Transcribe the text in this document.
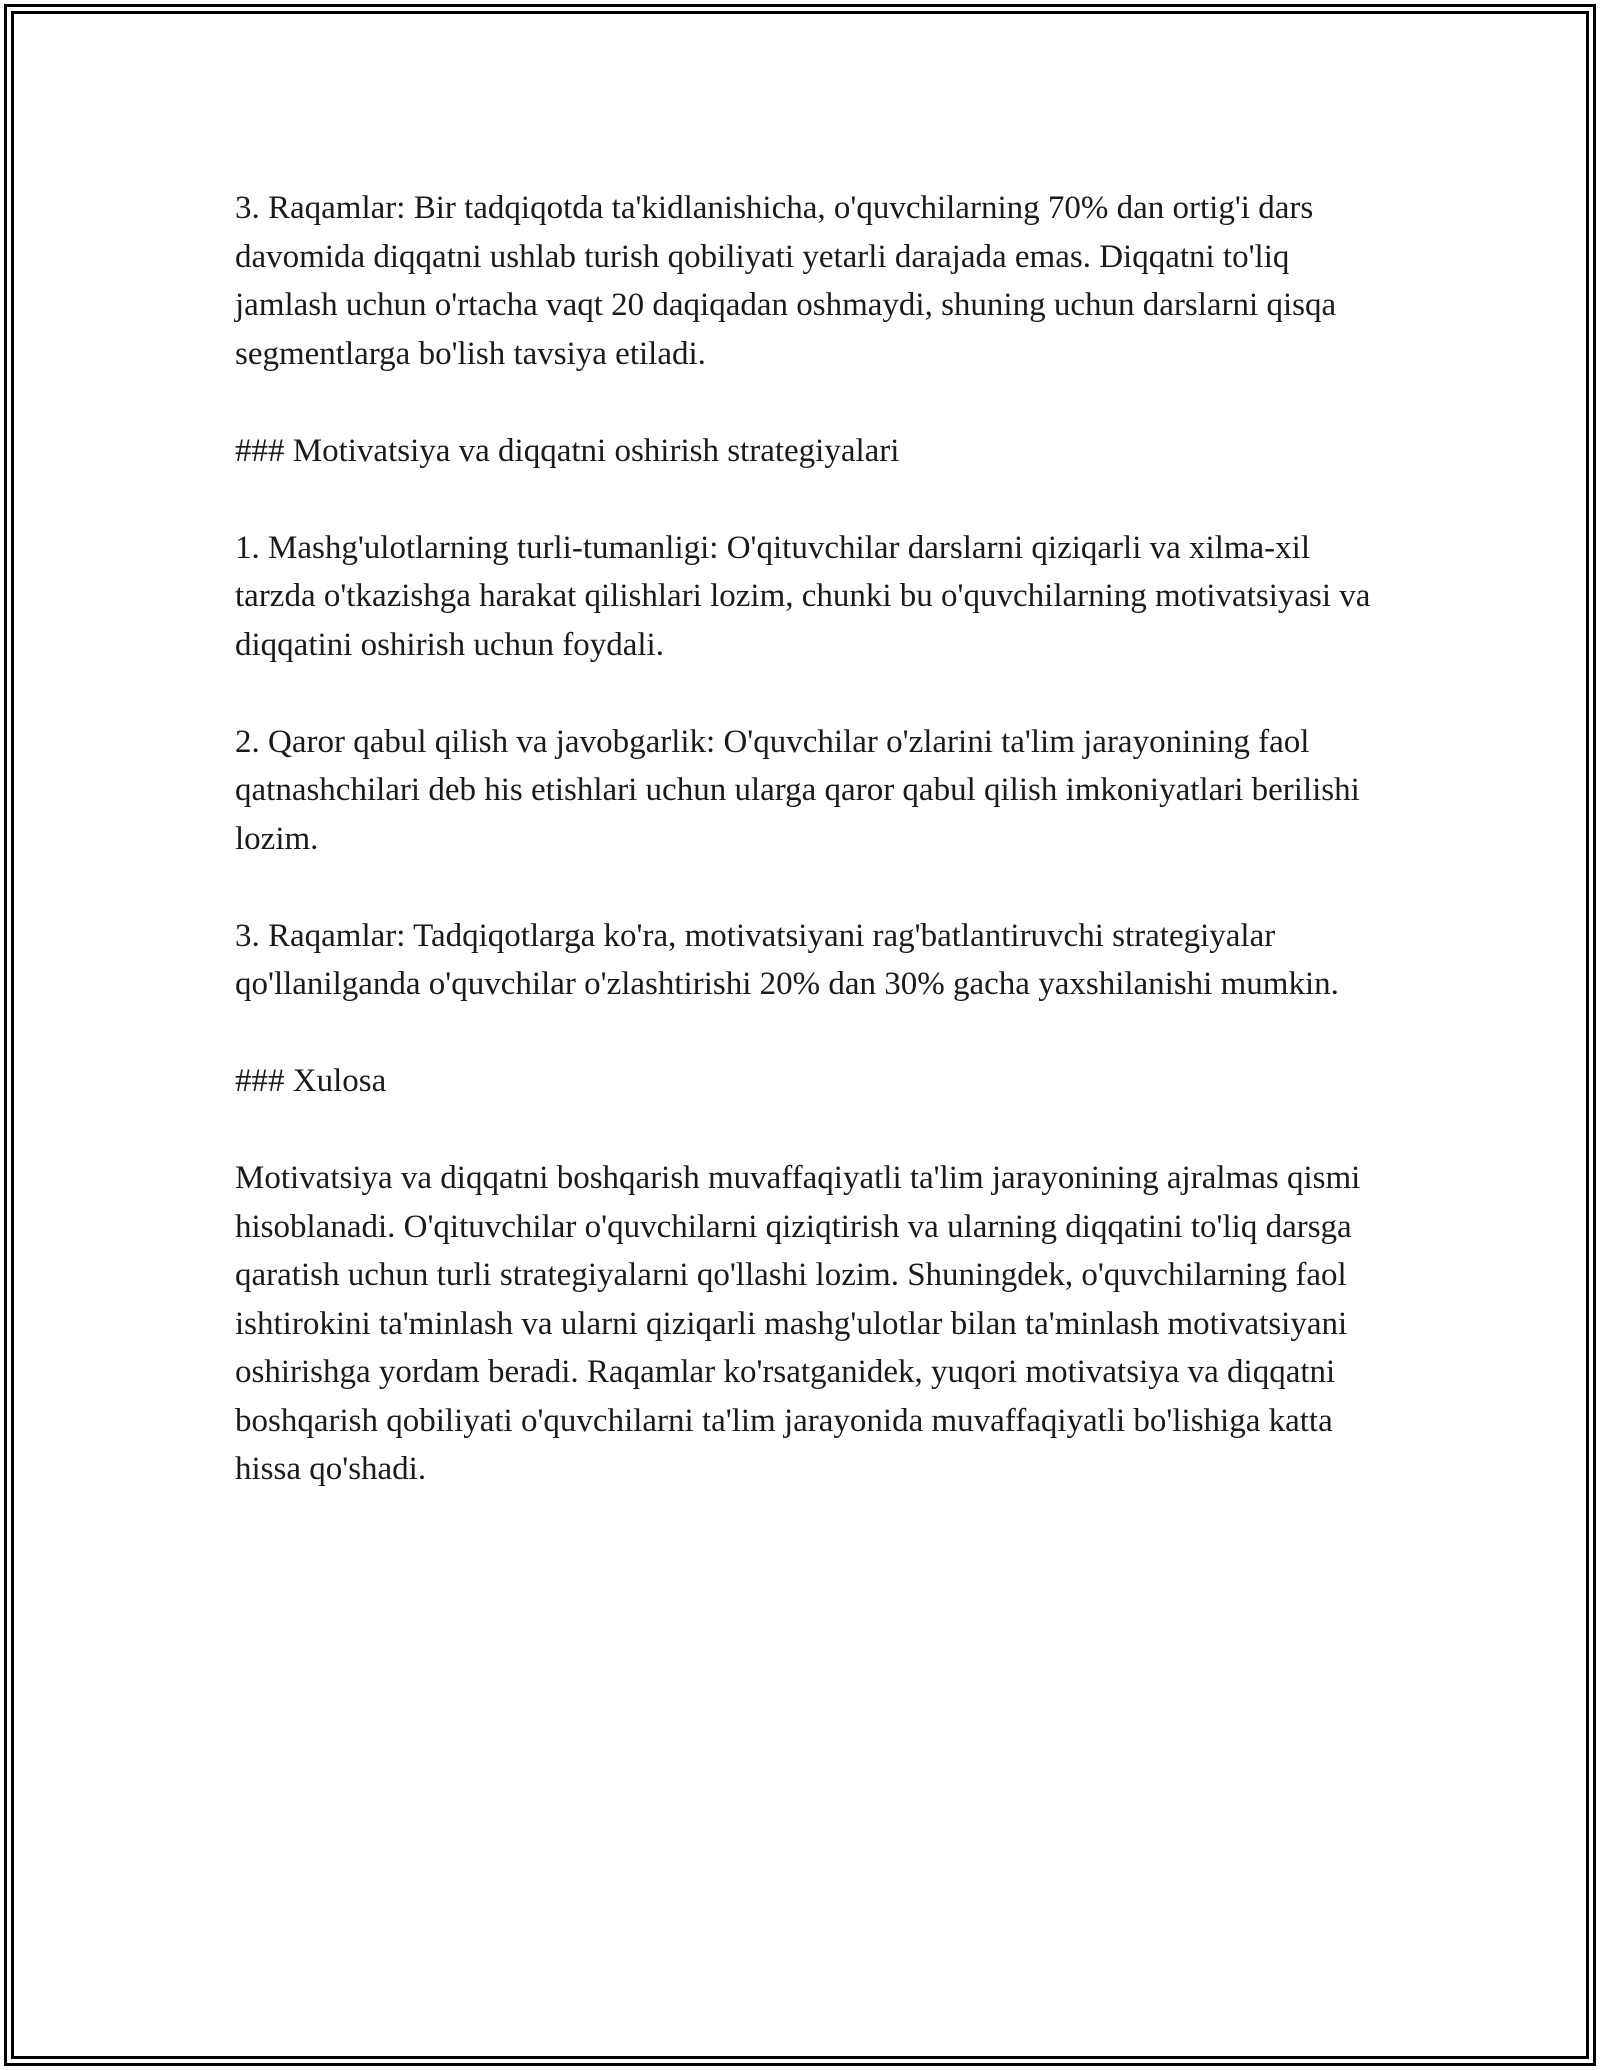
3. Raqamlar: Bir tadqiqotda ta'kidlanishicha, o'quvchilarning 70% dan ortig'i dars davomida diqqatni ushlab turish qobiliyati yetarli darajada emas. Diqqatni to'liq jamlash uchun o'rtacha vaqt 20 daqiqadan oshmaydi, shuning uchun darslarni qisqa segmentlarga bo'lish tavsiya etiladi.

### Motivatsiya va diqqatni oshirish strategiyalari

1. Mashg'ulotlarning turli-tumanligi: O'qituvchilar darslarni qiziqarli va xilma-xil tarzda o'tkazishga harakat qilishlari lozim, chunki bu o'quvchilarning motivatsiyasi va diqqatini oshirish uchun foydali.

2. Qaror qabul qilish va javobgarlik: O'quvchilar o'zlarini ta'lim jarayonining faol qatnashchilari deb his etishlari uchun ularga qaror qabul qilish imkoniyatlari berilishi lozim.

3. Raqamlar: Tadqiqotlarga ko'ra, motivatsiyani rag'batlantiruvchi strategiyalar qo'llanilganda o'quvchilar o'zlashtirishi 20% dan 30% gacha yaxshilanishi mumkin.

### Xulosa

Motivatsiya va diqqatni boshqarish muvaffaqiyatli ta'lim jarayonining ajralmas qismi hisoblanadi. O'qituvchilar o'quvchilarni qiziqtirish va ularning diqqatini to'liq darsga qaratish uchun turli strategiyalarni qo'llashi lozim. Shuningdek, o'quvchilarning faol ishtirokini ta'minlash va ularni qiziqarli mashg'ulotlar bilan ta'minlash motivatsiyani oshirishga yordam beradi. Raqamlar ko'rsatganidek, yuqori motivatsiya va diqqatni boshqarish qobiliyati o'quvchilarni ta'lim jarayonida muvaffaqiyatli bo'lishiga katta hissa qo'shadi.
